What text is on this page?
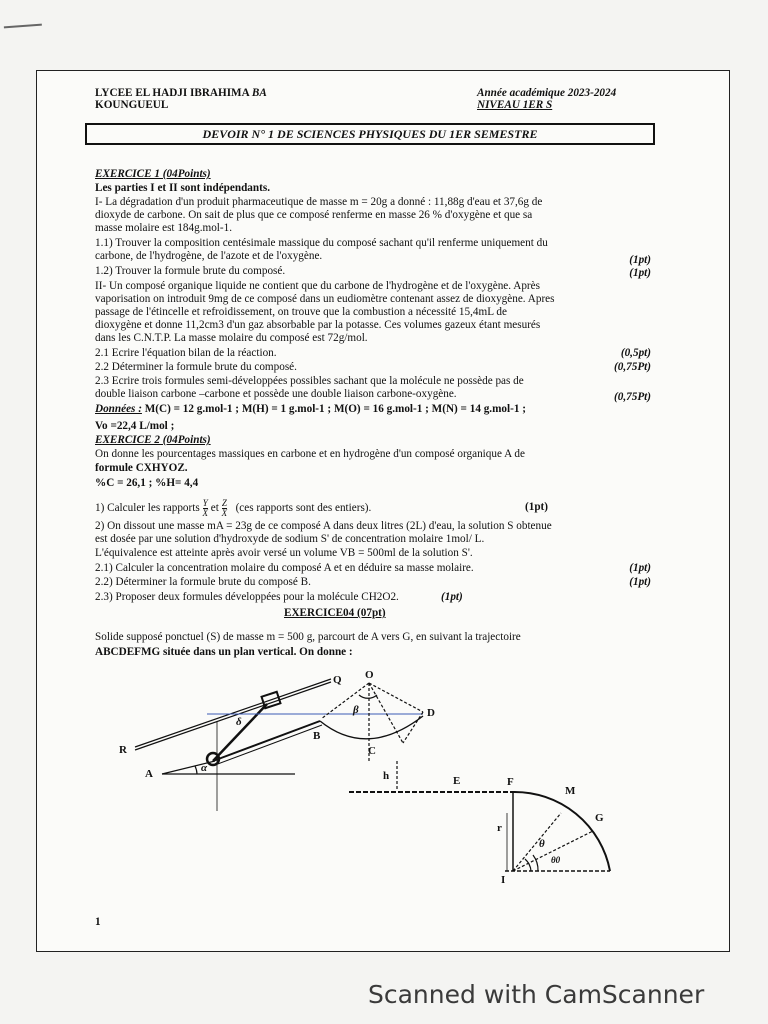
LYCEE EL HADJI IBRAHIMA BA
KOUNGUEUL
Année académique 2023-2024
NIVEAU 1ER S
DEVOIR N° 1 DE SCIENCES PHYSIQUES DU 1ER SEMESTRE
EXERCICE 1 (04Points)
Les parties I et II sont indépendants.
I- La dégradation d'un produit pharmaceutique de masse m = 20g a donné : 11,88g d'eau et 37,6g de
dioxyde de carbone. On sait de plus que ce composé renferme en masse 26 % d'oxygène et que sa
masse molaire est 184g.mol-1.
1.1) Trouver la composition centésimale massique du composé sachant qu'il renferme uniquement du
carbone, de l'hydrogène, de l'azote et de l'oxygène.	(1pt)
1.2) Trouver la formule brute du composé.	(1pt)
II- Un composé organique liquide ne contient que du carbone de l'hydrogène et de l'oxygène. Après
vaporisation on introduit 9mg de ce composé dans un eudiomètre contenant assez de dioxygène. Apres
passage de l'étincelle et refroidissement, on trouve que la combustion a nécessité 15,4mL de
dioxygène et donne 11,2cm3 d'un gaz absorbable par la potasse. Ces volumes gazeux étant mesurés
dans les C.N.T.P. La masse molaire du composé est 72g/mol.
2.1 Ecrire l'équation bilan de la réaction.	(0,5pt)
2.2 Déterminer la formule brute du composé.	(0,75Pt)
2.3 Ecrire trois formules semi-développées possibles sachant que la molécule ne possède pas de
double liaison carbone –carbone et possède une double liaison carbone-oxygène.	(0,75Pt)
Données : M(C) = 12 g.mol-1 ; M(H) = 1 g.mol-1 ; M(O) = 16 g.mol-1 ; M(N) = 14 g.mol-1 ;
Vo =22,4 L/mol ;
EXERCICE 2 (04Points)
On donne les pourcentages massiques en carbone et en hydrogène d'un composé organique A de
formule CXHYOZ.
%C = 26,1 ; %H= 4,4
1) Calculer les rapports $\frac{Y}{X}$ et $\frac{Z}{X} (ces$ rapports sont des entiers).	(1pt)
2) On dissout une masse mA = 23g de ce composé A dans deux litres (2L) d'eau, la solution S obtenue
est dosée par une solution d'hydroxyde de sodium S' de concentration molaire 1mol/ L.
L'équivalence est atteinte après avoir versé un volume VB = 500ml de la solution S'.
2.1) Calculer la concentration molaire du composé A et en déduire sa masse molaire.	(1pt)
2.2) Déterminer la formule brute du composé B.	(1pt)
2.3) Proposer deux formules développées pour la molécule CH2O2.	(1pt)
EXERCICE04 (07pt)
Solide supposé ponctuel (S) de masse m = 500 g, parcourt de A vers G, en suivant la trajectoire
ABCDEFMG située dans un plan vertical. On donne :
Q O
R
A	α
δ
β
B
C
D
h	E	F
M
G
r
θ
θ0
I
1
Scanned with CamScanner
